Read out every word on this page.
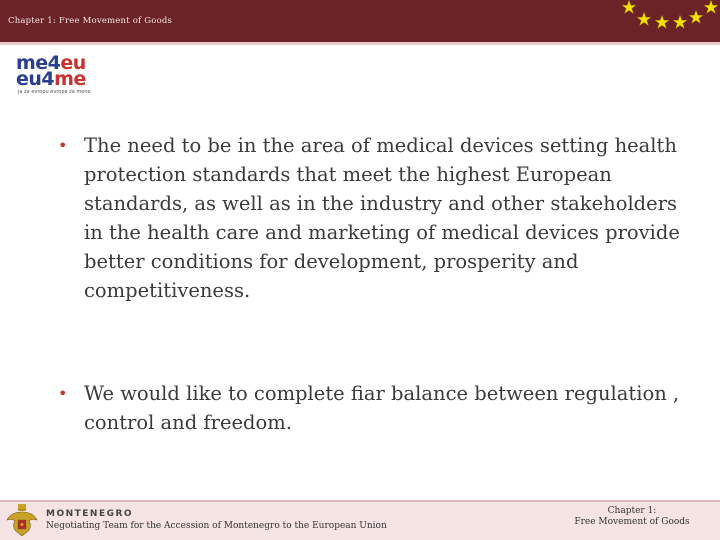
Chapter 1: Free Movement of Goods
me4eu
eu4me
ja za evropu evropa za mene
• The need to be in the area of medical devices setting health protection standards that meet the highest European standards, as well as in the industry and other stakeholders in the health care and marketing of medical devices provide better conditions for development, prosperity and competitiveness.
• We would like to complete fiar balance between regulation , control and freedom.
MONTENEGRO
Negotiating Team for the Accession of Montenegro to the European Union
Chapter 1:
Free Movement of Goods
